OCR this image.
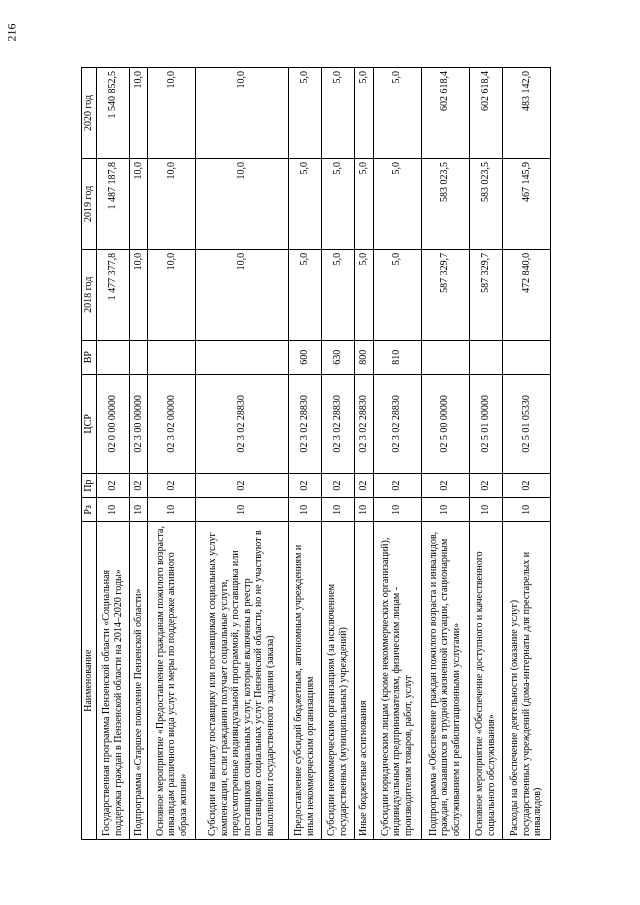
216
Наименование	Рз	Пр	ЦСР	ВР	2018 год	2019 год	2020 год
Государственная программа Пензенской области «Социальная поддержка граждан в Пензенской области на 2014–2020 годы»	10	02	02 0 00 00000		1 477 377,8	1 487 187,8	1 540 852,5
Подпрограмма «Старшее поколение Пензенской области»	10	02	02 3 00 00000		10,0	10,0	10,0
Основное мероприятие «Предоставление гражданам пожилого возраста, инвалидам различного вида услуг и меры по поддержке активного образа жизни»	10	02	02 3 02 00000		10,0	10,0	10,0
Субсидии на выплату поставщику или поставщикам социальных услуг компенсации, если гражданин получает социальные услуги, предусмотренные индивидуальной программой, у поставщика или поставщиков социальных услуг, которые включены в реестр поставщиков социальных услуг Пензенской области, но не участвуют в выполнении государственного задания (заказа)	10	02	02 3 02 28830		10,0	10,0	10,0
Предоставление субсидий бюджетным, автономным учреждениям и иным некоммерческим организациям	10	02	02 3 02 28830	600	5,0	5,0	5,0
Субсидии некоммерческим организациям (за исключением государственных (муниципальных) учреждений)	10	02	02 3 02 28830	630	5,0	5,0	5,0
Иные бюджетные ассигнования	10	02	02 3 02 28830	800	5,0	5,0	5,0
Субсидии юридическим лицам (кроме некоммерческих организаций), индивидуальным предпринимателям, физическим лицам - производителям товаров, работ, услуг	10	02	02 3 02 28830	810	5,0	5,0	5,0
Подпрограмма «Обеспечение граждан пожилого возраста и инвалидов, граждан, оказавшихся в трудной жизненной ситуации, стационарным обслуживанием и реабилитационными услугами»	10	02	02 5 00 00000		587 329,7	583 023,5	602 618,4
Основное мероприятие «Обеспечение доступного и качественного социального обслуживания»	10	02	02 5 01 00000		587 329,7	583 023,5	602 618,4
Расходы на обеспечение деятельности (оказание услуг) государственных учреждений (дома-интернаты для престарелых и инвалидов)	10	02	02 5 01 05330		472 840,0	467 145,9	483 142,0
